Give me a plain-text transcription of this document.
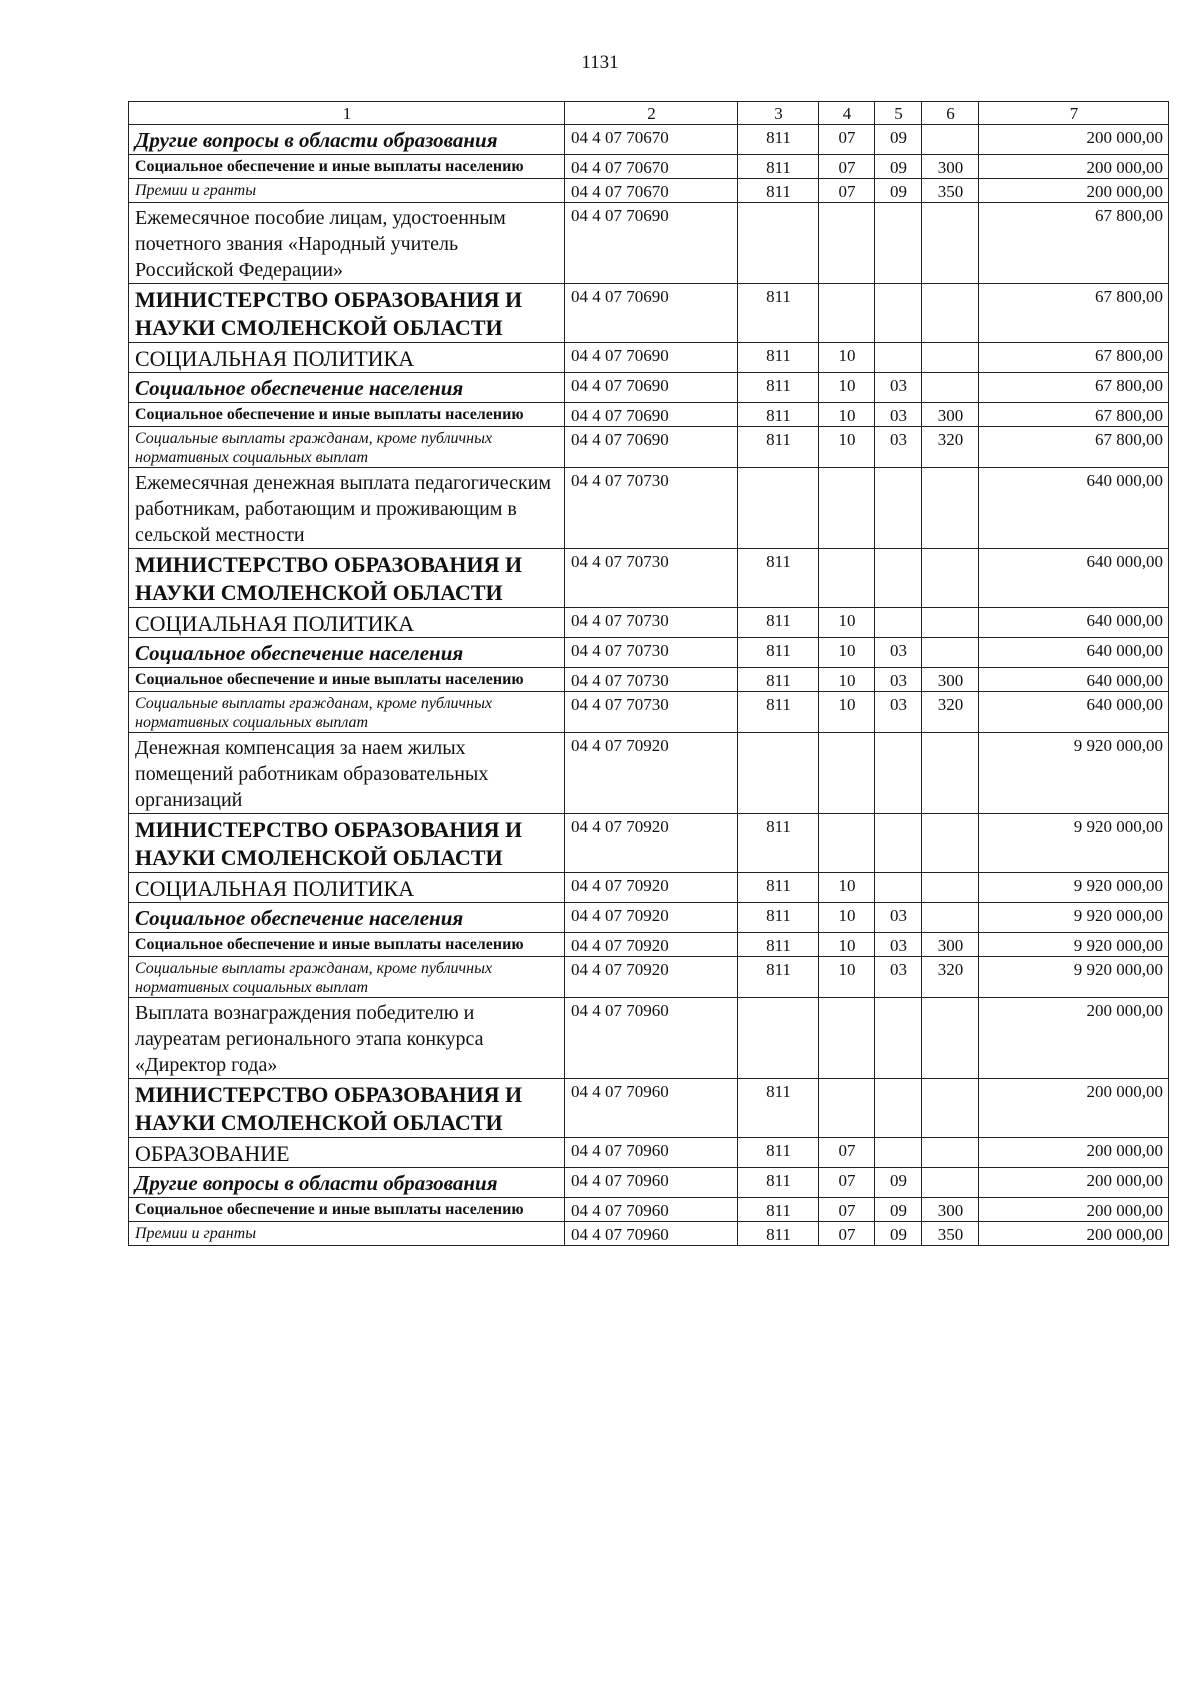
1131
1	2	3	4	5	6	7
Другие вопросы в области образования	04 4 07 70670	811	07	09		200 000,00
Социальное обеспечение и иные выплаты населению	04 4 07 70670	811	07	09	300	200 000,00
Премии и гранты	04 4 07 70670	811	07	09	350	200 000,00
Ежемесячное пособие лицам, удостоенным почетного звания «Народный учитель Российской Федерации»	04 4 07 70690					67 800,00
МИНИСТЕРСТВО ОБРАЗОВАНИЯ И НАУКИ СМОЛЕНСКОЙ ОБЛАСТИ	04 4 07 70690	811				67 800,00
СОЦИАЛЬНАЯ ПОЛИТИКА	04 4 07 70690	811	10			67 800,00
Социальное обеспечение населения	04 4 07 70690	811	10	03		67 800,00
Социальное обеспечение и иные выплаты населению	04 4 07 70690	811	10	03	300	67 800,00
Социальные выплаты гражданам, кроме публичных нормативных социальных выплат	04 4 07 70690	811	10	03	320	67 800,00
Ежемесячная денежная выплата педагогическим работникам, работающим и проживающим в сельской местности	04 4 07 70730					640 000,00
МИНИСТЕРСТВО ОБРАЗОВАНИЯ И НАУКИ СМОЛЕНСКОЙ ОБЛАСТИ	04 4 07 70730	811				640 000,00
СОЦИАЛЬНАЯ ПОЛИТИКА	04 4 07 70730	811	10			640 000,00
Социальное обеспечение населения	04 4 07 70730	811	10	03		640 000,00
Социальное обеспечение и иные выплаты населению	04 4 07 70730	811	10	03	300	640 000,00
Социальные выплаты гражданам, кроме публичных нормативных социальных выплат	04 4 07 70730	811	10	03	320	640 000,00
Денежная компенсация за наем жилых помещений работникам образовательных организаций	04 4 07 70920					9 920 000,00
МИНИСТЕРСТВО ОБРАЗОВАНИЯ И НАУКИ СМОЛЕНСКОЙ ОБЛАСТИ	04 4 07 70920	811				9 920 000,00
СОЦИАЛЬНАЯ ПОЛИТИКА	04 4 07 70920	811	10			9 920 000,00
Социальное обеспечение населения	04 4 07 70920	811	10	03		9 920 000,00
Социальное обеспечение и иные выплаты населению	04 4 07 70920	811	10	03	300	9 920 000,00
Социальные выплаты гражданам, кроме публичных нормативных социальных выплат	04 4 07 70920	811	10	03	320	9 920 000,00
Выплата вознаграждения победителю и лауреатам регионального этапа конкурса «Директор года»	04 4 07 70960					200 000,00
МИНИСТЕРСТВО ОБРАЗОВАНИЯ И НАУКИ СМОЛЕНСКОЙ ОБЛАСТИ	04 4 07 70960	811				200 000,00
ОБРАЗОВАНИЕ	04 4 07 70960	811	07			200 000,00
Другие вопросы в области образования	04 4 07 70960	811	07	09		200 000,00
Социальное обеспечение и иные выплаты населению	04 4 07 70960	811	07	09	300	200 000,00
Премии и гранты	04 4 07 70960	811	07	09	350	200 000,00
